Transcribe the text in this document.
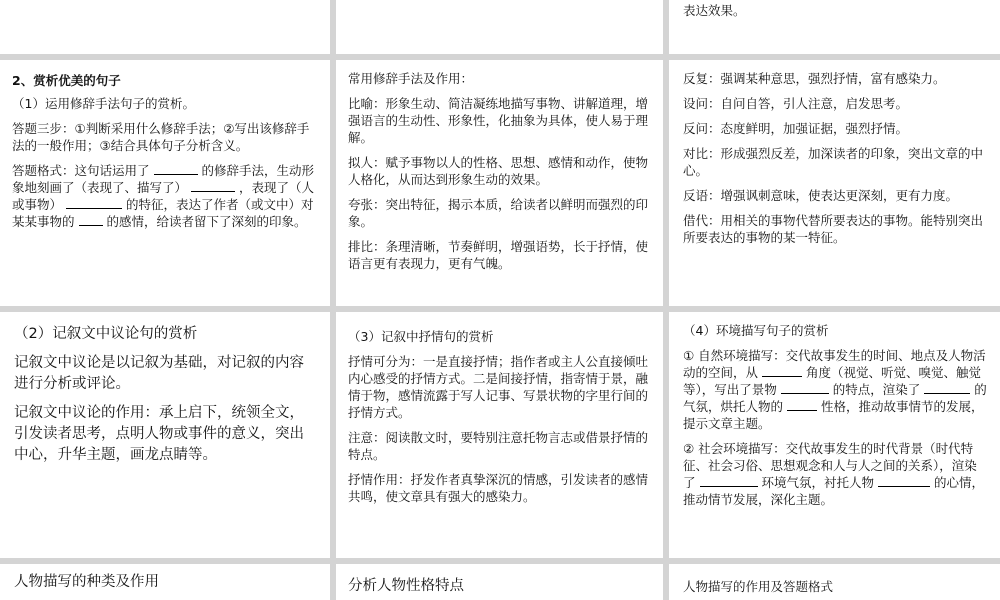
表达效果。

2、赏析优美的句子

（1）运用修辞手法句子的赏析。

答题三步：①判断采用什么修辞手法；②写出该修辞手法的一般作用；③结合具体句子分析含义。

答题格式：这句话运用了	的修辞手法，生动形象地刻画了（表现了、描写了）	，表现了（人或事物）	的特征，表达了作者（或文中）对某某事物的	的感情，给读者留下了深刻的印象。

常用修辞手法及作用：

比喻：形象生动、简洁凝练地描写事物、讲解道理，增强语言的生动性、形象性，化抽象为具体，使人易于理解。

拟人：赋予事物以人的性格、思想、感情和动作，使物人格化，从而达到形象生动的效果。

夸张：突出特征，揭示本质，给读者以鲜明而强烈的印象。

排比：条理清晰，节奏鲜明，增强语势，长于抒情，使语言更有表现力，更有气魄。

反复：强调某种意思，强烈抒情，富有感染力。

设问：自问自答，引人注意，启发思考。

反问：态度鲜明，加强证据，强烈抒情。

对比：形成强烈反差，加深读者的印象，突出文章的中心。

反语：增强讽刺意味，使表达更深刻，更有力度。

借代：用相关的事物代替所要表达的事物。能特别突出所要表达的事物的某一特征。

（2）记叙文中议论句的赏析

记叙文中议论是以记叙为基础，对记叙的内容进行分析或评论。

记叙文中议论的作用：承上启下，统领全文，引发读者思考，点明人物或事件的意义，突出中心，升华主题，画龙点睛等。

（3）记叙中抒情句的赏析

抒情可分为：一是直接抒情；指作者或主人公直接倾吐内心感受的抒情方式。二是间接抒情，指寄情于景，融情于物，感情流露于写人记事、写景状物的字里行间的抒情方式。

注意：阅读散文时，要特别注意托物言志或借景抒情的特点。

抒情作用：抒发作者真挚深沉的情感，引发读者的感情共鸣，使文章具有强大的感染力。

（4）环境描写句子的赏析

① 自然环境描写：交代故事发生的时间、地点及人物活动的空间，从	角度（视觉、听觉、嗅觉、触觉等），写出了景物	的特点，渲染了	的气氛，烘托人物的	性格，推动故事情节的发展，提示文章主题。

② 社会环境描写：交代故事发生的时代背景（时代特征、社会习俗、思想观念和人与人之间的关系），渲染了	环境气氛，衬托人物	的心情，推动情节发展，深化主题。

人物描写的种类及作用	分析人物性格特点	人物描写的作用及答题格式
